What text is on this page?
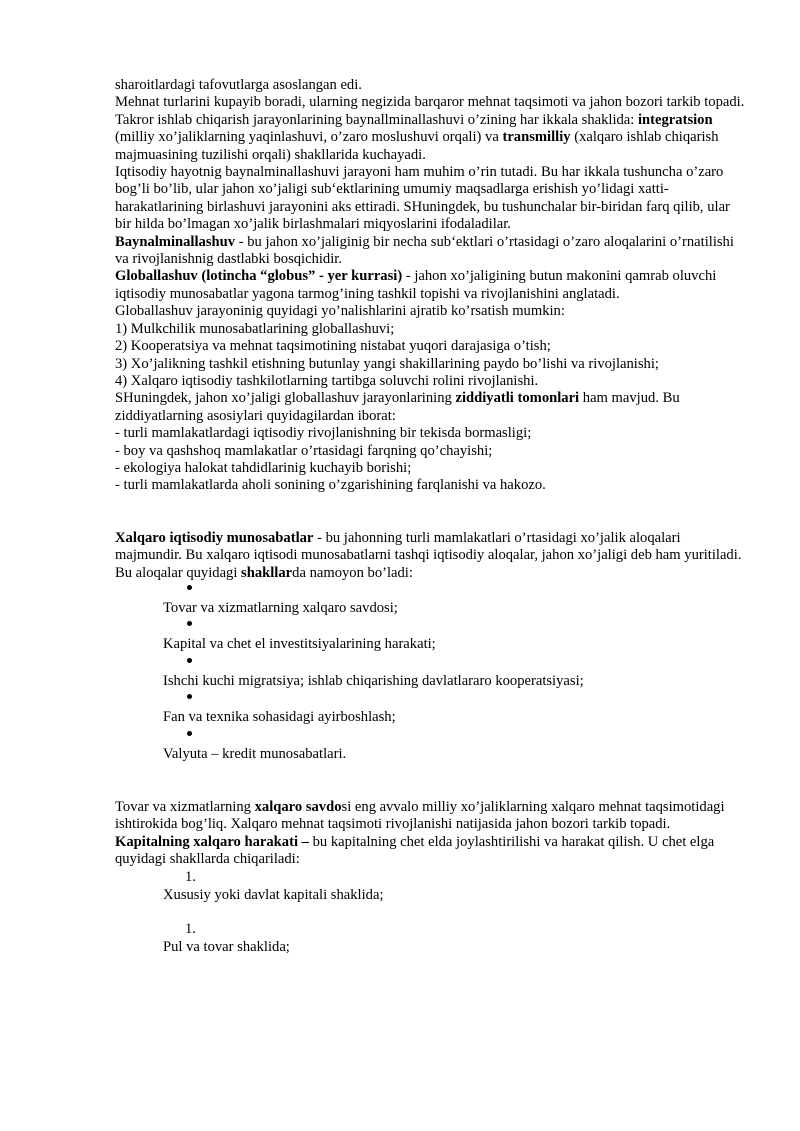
sharoitlardagi tafovutlarga asoslangan edi.

Mehnat turlarini kupayib boradi, ularning negizida barqaror mehnat taqsimoti va jahon bozori tarkib topadi. Takror ishlab chiqarish jarayonlarining baynallminallashuvi o’zining har ikkala shaklida: integratsion (milliy xo’jaliklarning yaqinlashuvi, o’zaro moslushuvi orqali) va transmilliy (xalqaro ishlab chiqarish majmuasining tuzilishi orqali) shakllarida kuchayadi.

Iqtisodiy hayotnig baynalminallashuvi jarayoni ham muhim o’rin tutadi. Bu har ikkala tushuncha o’zaro bog’li bo’lib, ular jahon xo’jaligi sub‘ektlarining umumiy maqsadlarga erishish yo’lidagi xatti-harakatlarining birlashuvi jarayonini aks ettiradi. SHuningdek, bu tushunchalar bir-biridan farq qilib, ular bir hilda bo’lmagan xo’jalik birlashmalari miqyoslarini ifodaladilar.

Baynalminallashuv - bu jahon xo’jaliginig bir necha sub‘ektlari o’rtasidagi o’zaro aloqalarini o’rnatilishi va rivojlanishnig dastlabki bosqichidir.

Globallashuv (lotincha “globus” - yer kurrasi) - jahon xo’jaligining butun makonini qamrab oluvchi iqtisodiy munosabatlar yagona tarmog’ining tashkil topishi va rivojlanishini anglatadi.

Globallashuv jarayoninig quyidagi yo’nalishlarini ajratib ko’rsatish mumkin:

1) Mulkchilik munosabatlarining globallashuvi;

2) Kooperatsiya va mehnat taqsimotining nistabat yuqori darajasiga o’tish;

3) Xo’jalikning tashkil etishning butunlay yangi shakillarining paydo bo’lishi va rivojlanishi;

4) Xalqaro iqtisodiy tashkilotlarning tartibga soluvchi rolini rivojlanishi.

SHuningdek, jahon xo’jaligi globallashuv jarayonlarining ziddiyatli tomonlari ham mavjud. Bu ziddiyatlarning asosiylari quyidagilardan iborat:

- turli mamlakatlardagi iqtisodiy rivojlanishning bir tekisda bormasligi;

- boy va qashshoq mamlakatlar o’rtasidagi farqning qo’chayishi;

- ekologiya halokat tahdidlarinig kuchayib borishi;

- turli mamlakatlarda aholi sonining o’zgarishining farqlanishi va hakozo.

Xalqaro iqtisodiy munosabatlar - bu jahonning turli mamlakatlari o’rtasidagi xo’jalik aloqalari majmundir. Bu xalqaro iqtisodi munosabatlarni tashqi iqtisodiy aloqalar, jahon xo’jaligi deb ham yuritiladi.

Bu aloqalar quyidagi shakllarda namoyon bo’ladi:

Tovar va xizmatlarning xalqaro savdosi;
Kapital va chet el investitsiyalarining harakati;
Ishchi kuchi migratsiya; ishlab chiqarishing davlatlararo kooperatsiyasi;
Fan va texnika sohasidagi ayirboshlash;
Valyuta – kredit munosabatlari.

Tovar va xizmatlarning xalqaro savdosi eng avvalo milliy xo’jaliklarning xalqaro mehnat taqsimotidagi ishtirokida bog’liq. Xalqaro mehnat taqsimoti rivojlanishi natijasida jahon bozori tarkib topadi.

Kapitalning xalqaro harakati – bu kapitalning chet elda joylashtirilishi va harakat qilish. U chet elga quyidagi shakllarda chiqariladi:

1.
Xususiy yoki davlat kapitali shaklida;
1.
Pul va tovar shaklida;
